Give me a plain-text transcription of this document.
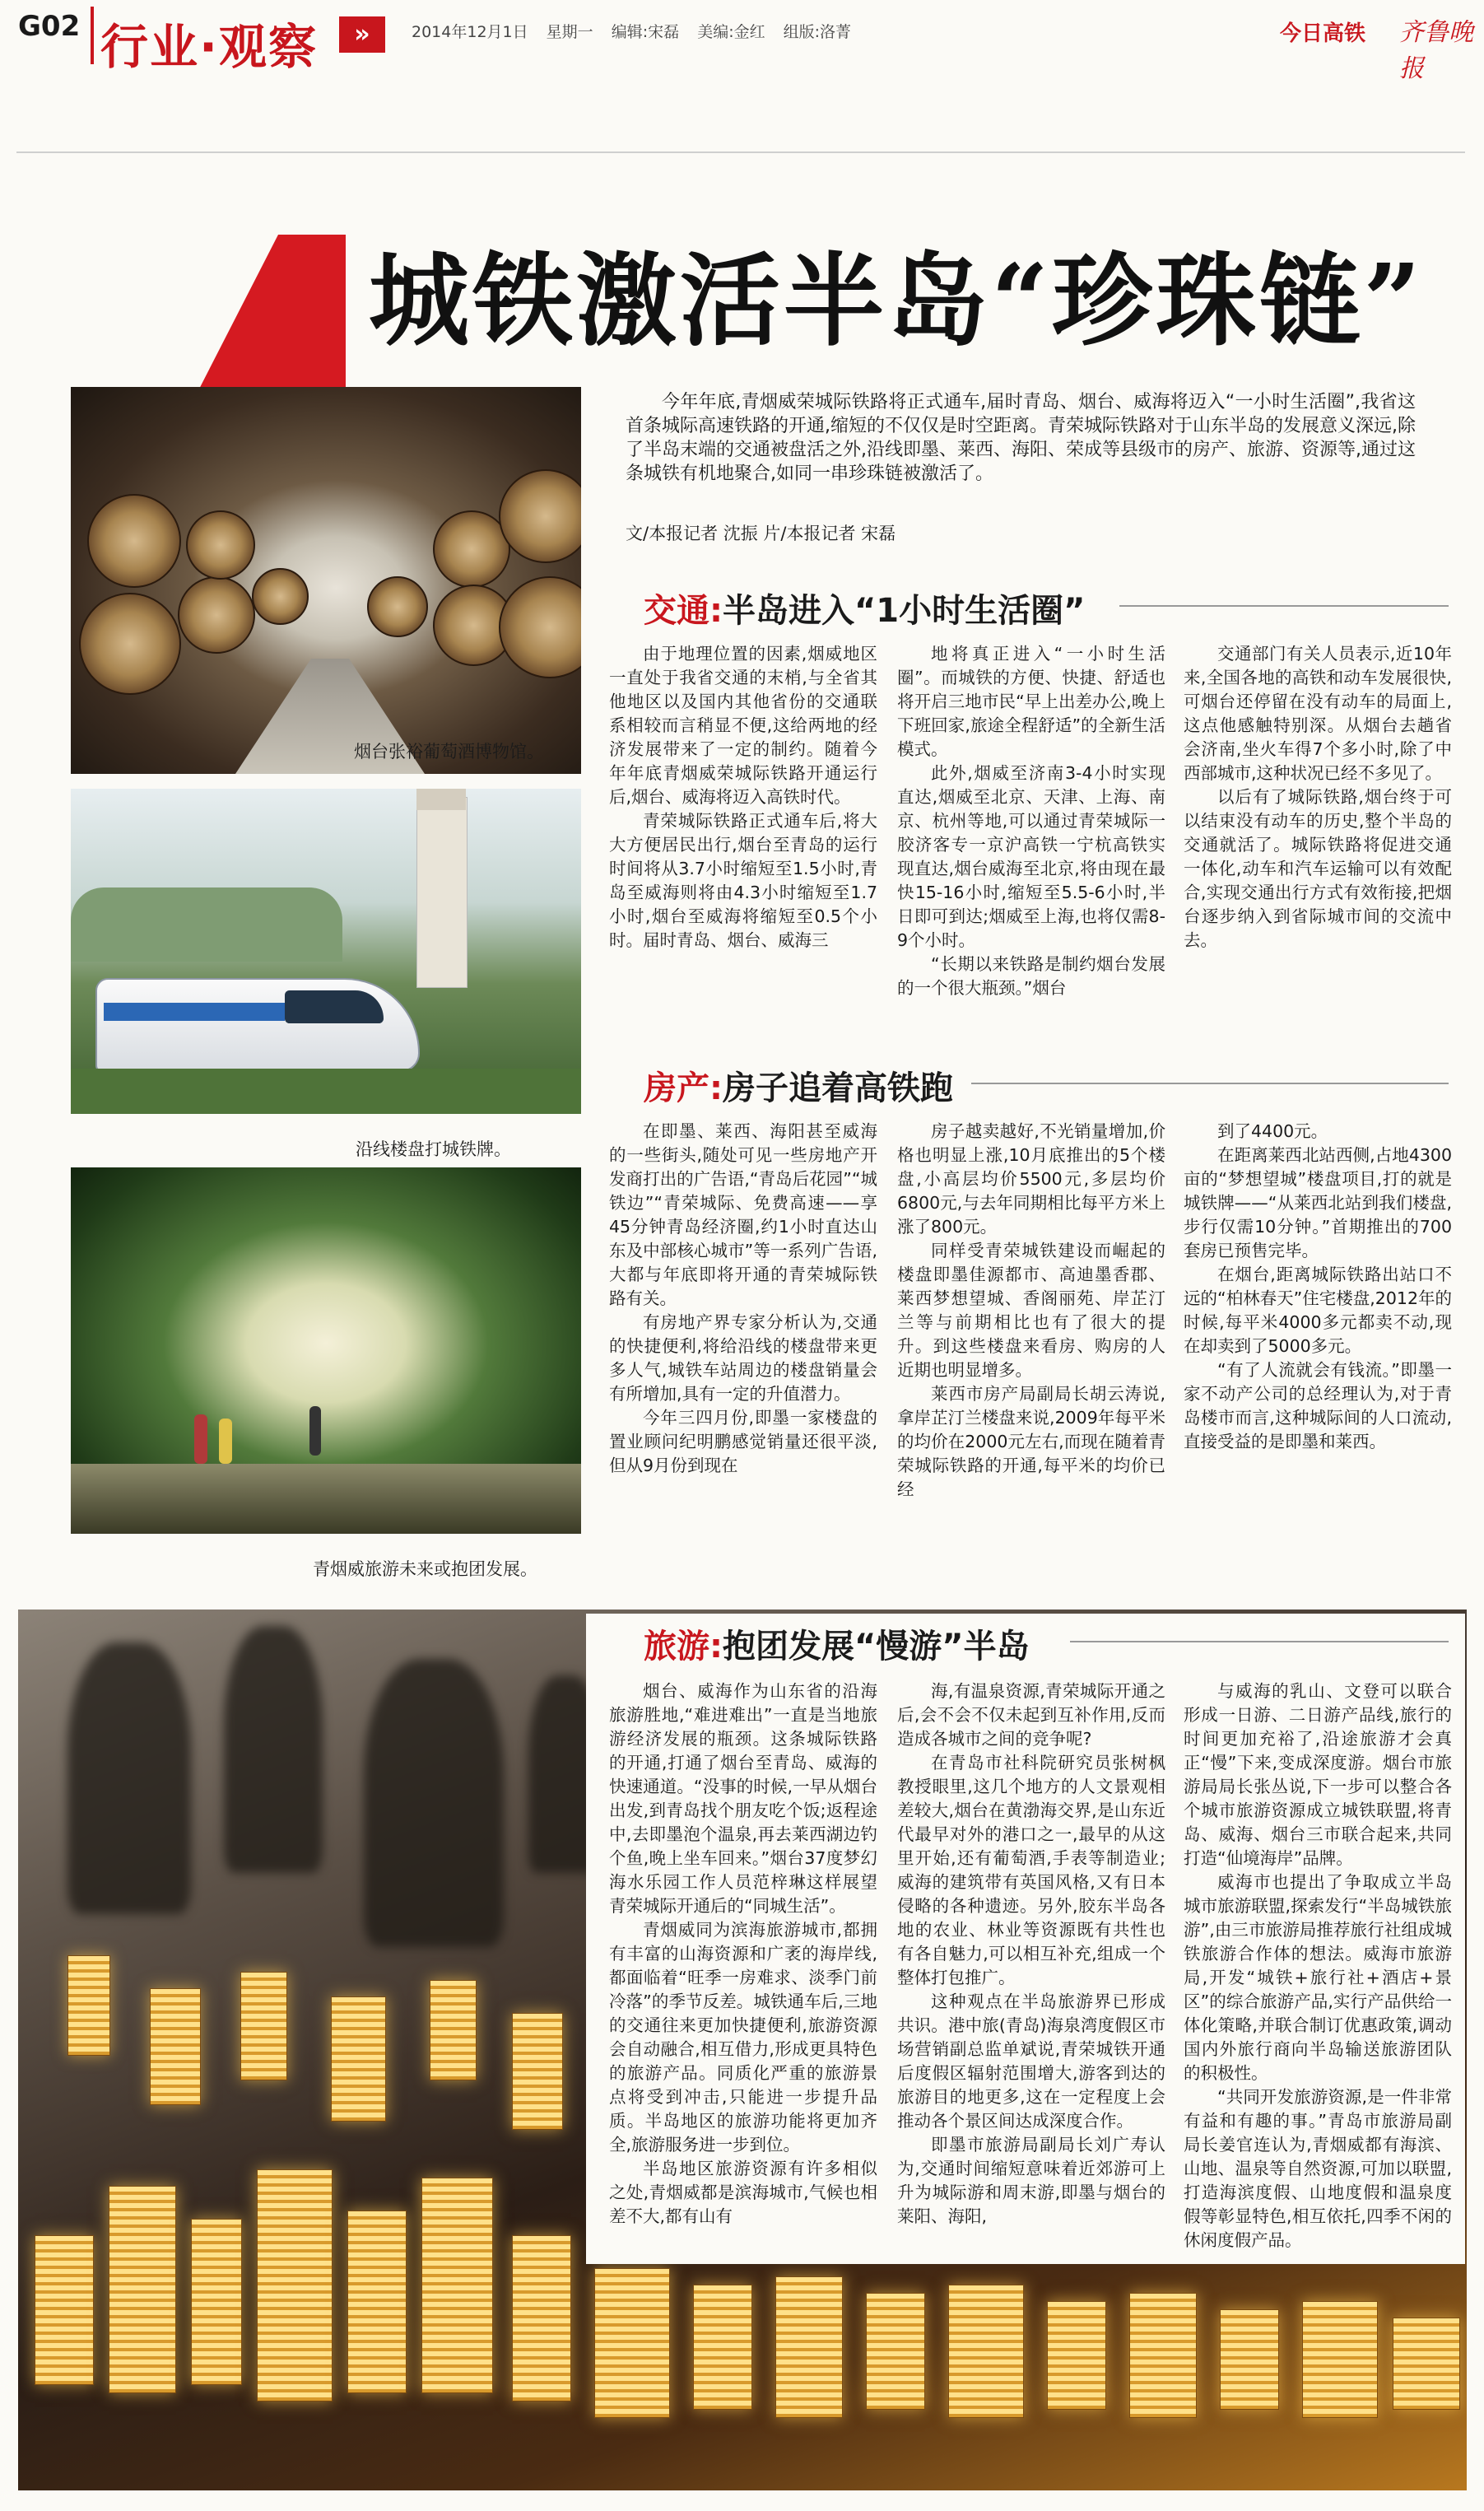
G02 行业·观察	»	2014年12月1日 星期一 编辑:宋磊 美编:金红 组版:洛菁	今日高铁 齐鲁晚报
城铁激活半岛“珍珠链”
烟台张裕葡萄酒博物馆。
沿线楼盘打城铁牌。
青烟威旅游未来或抱团发展。
今年年底,青烟威荣城际铁路将正式通车,届时青岛、烟台、威海将迈入“一小时生活圈”,我省这首条城际高速铁路的开通,缩短的不仅仅是时空距离。青荣城际铁路对于山东半岛的发展意义深远,除了半岛末端的交通被盘活之外,沿线即墨、莱西、海阳、荣成等县级市的房产、旅游、资源等,通过这条城铁有机地聚合,如同一串珍珠链被激活了。
文/本报记者 沈振 片/本报记者 宋磊
交通:半岛进入“1小时生活圈”

由于地理位置的因素,烟威地区一直处于我省交通的末梢,与全省其他地区以及国内其他省份的交通联系相较而言稍显不便,这给两地的经济发展带来了一定的制约。随着今年年底青烟威荣城际铁路开通运行后,烟台、威海将迈入高铁时代。

青荣城际铁路正式通车后,将大大方便居民出行,烟台至青岛的运行时间将从3.7小时缩短至1.5小时,青岛至威海则将由4.3小时缩短至1.7小时,烟台至威海将缩短至0.5个小时。届时青岛、烟台、威海三

地将真正进入“一小时生活圈”。而城铁的方便、快捷、舒适也将开启三地市民“早上出差办公,晚上下班回家,旅途全程舒适”的全新生活模式。

此外,烟威至济南3-4小时实现直达,烟威至北京、天津、上海、南京、杭州等地,可以通过青荣城际一胶济客专一京沪高铁一宁杭高铁实现直达,烟台威海至北京,将由现在最快15-16小时,缩短至5.5-6小时,半日即可到达;烟威至上海,也将仅需8-9个小时。

“长期以来铁路是制约烟台发展的一个很大瓶颈。”烟台

交通部门有关人员表示,近10年来,全国各地的高铁和动车发展很快,可烟台还停留在没有动车的局面上,这点他感触特别深。从烟台去趟省会济南,坐火车得7个多小时,除了中西部城市,这种状况已经不多见了。

以后有了城际铁路,烟台终于可以结束没有动车的历史,整个半岛的交通就活了。城际铁路将促进交通一体化,动车和汽车运输可以有效配合,实现交通出行方式有效衔接,把烟台逐步纳入到省际城市间的交流中去。

房产:房子追着高铁跑

在即墨、莱西、海阳甚至威海的一些街头,随处可见一些房地产开发商打出的广告语,“青岛后花园”“城铁边”“青荣城际、免费高速——享45分钟青岛经济圈,约1小时直达山东及中部核心城市”等一系列广告语,大都与年底即将开通的青荣城际铁路有关。

有房地产界专家分析认为,交通的快捷便利,将给沿线的楼盘带来更多人气,城铁车站周边的楼盘销量会有所增加,具有一定的升值潜力。

今年三四月份,即墨一家楼盘的置业顾问纪明鹏感觉销量还很平淡,但从9月份到现在

房子越卖越好,不光销量增加,价格也明显上涨,10月底推出的5个楼盘,小高层均价5500元,多层均价6800元,与去年同期相比每平方米上涨了800元。

同样受青荣城铁建设而崛起的楼盘即墨佳源都市、高迪墨香郡、莱西梦想望城、香阁丽苑、岸芷汀兰等与前期相比也有了很大的提升。到这些楼盘来看房、购房的人近期也明显增多。

莱西市房产局副局长胡云涛说,拿岸芷汀兰楼盘来说,2009年每平米的均价在2000元左右,而现在随着青荣城际铁路的开通,每平米的均价已经

到了4400元。

在距离莱西北站西侧,占地4300亩的“梦想望城”楼盘项目,打的就是城铁牌——“从莱西北站到我们楼盘,步行仅需10分钟。”首期推出的700套房已预售完毕。

在烟台,距离城际铁路出站口不远的“柏林春天”住宅楼盘,2012年的时候,每平米4000多元都卖不动,现在却卖到了5000多元。

“有了人流就会有钱流。”即墨一家不动产公司的总经理认为,对于青岛楼市而言,这种城际间的人口流动,直接受益的是即墨和莱西。

旅游:抱团发展“慢游”半岛

烟台、威海作为山东省的沿海旅游胜地,“难进难出”一直是当地旅游经济发展的瓶颈。这条城际铁路的开通,打通了烟台至青岛、威海的快速通道。“没事的时候,一早从烟台出发,到青岛找个朋友吃个饭;返程途中,去即墨泡个温泉,再去莱西湖边钓个鱼,晚上坐车回来。”烟台37度梦幻海水乐园工作人员范梓琳这样展望青荣城际开通后的“同城生活”。

青烟威同为滨海旅游城市,都拥有丰富的山海资源和广袤的海岸线,都面临着“旺季一房难求、淡季门前冷落”的季节反差。城铁通车后,三地的交通往来更加快捷便利,旅游资源会自动融合,相互借力,形成更具特色的旅游产品。同质化严重的旅游景点将受到冲击,只能进一步提升品质。半岛地区的旅游功能将更加齐全,旅游服务进一步到位。

半岛地区旅游资源有许多相似之处,青烟威都是滨海城市,气候也相差不大,都有山有

海,有温泉资源,青荣城际开通之后,会不会不仅未起到互补作用,反而造成各城市之间的竞争呢?

在青岛市社科院研究员张树枫教授眼里,这几个地方的人文景观相差较大,烟台在黄渤海交界,是山东近代最早对外的港口之一,最早的从这里开始,还有葡萄酒,手表等制造业;威海的建筑带有英国风格,又有日本侵略的各种遗迹。另外,胶东半岛各地的农业、林业等资源既有共性也有各自魅力,可以相互补充,组成一个整体打包推广。

这种观点在半岛旅游界已形成共识。港中旅(青岛)海泉湾度假区市场营销副总监单斌说,青荣城铁开通后度假区辐射范围增大,游客到达的旅游目的地更多,这在一定程度上会推动各个景区间达成深度合作。

即墨市旅游局副局长刘广寿认为,交通时间缩短意味着近郊游可上升为城际游和周末游,即墨与烟台的莱阳、海阳,

与威海的乳山、文登可以联合形成一日游、二日游产品线,旅行的时间更加充裕了,沿途旅游才会真正“慢”下来,变成深度游。烟台市旅游局局长张丛说,下一步可以整合各个城市旅游资源成立城铁联盟,将青岛、威海、烟台三市联合起来,共同打造“仙境海岸”品牌。

威海市也提出了争取成立半岛城市旅游联盟,探索发行“半岛城铁旅游”,由三市旅游局推荐旅行社组成城铁旅游合作体的想法。威海市旅游局,开发“城铁+旅行社+酒店+景区”的综合旅游产品,实行产品供给一体化策略,并联合制订优惠政策,调动国内外旅行商向半岛输送旅游团队的积极性。

“共同开发旅游资源,是一件非常有益和有趣的事。”青岛市旅游局副局长姜官连认为,青烟威都有海滨、山地、温泉等自然资源,可加以联盟,打造海滨度假、山地度假和温泉度假等彰显特色,相互依托,四季不闲的休闲度假产品。
